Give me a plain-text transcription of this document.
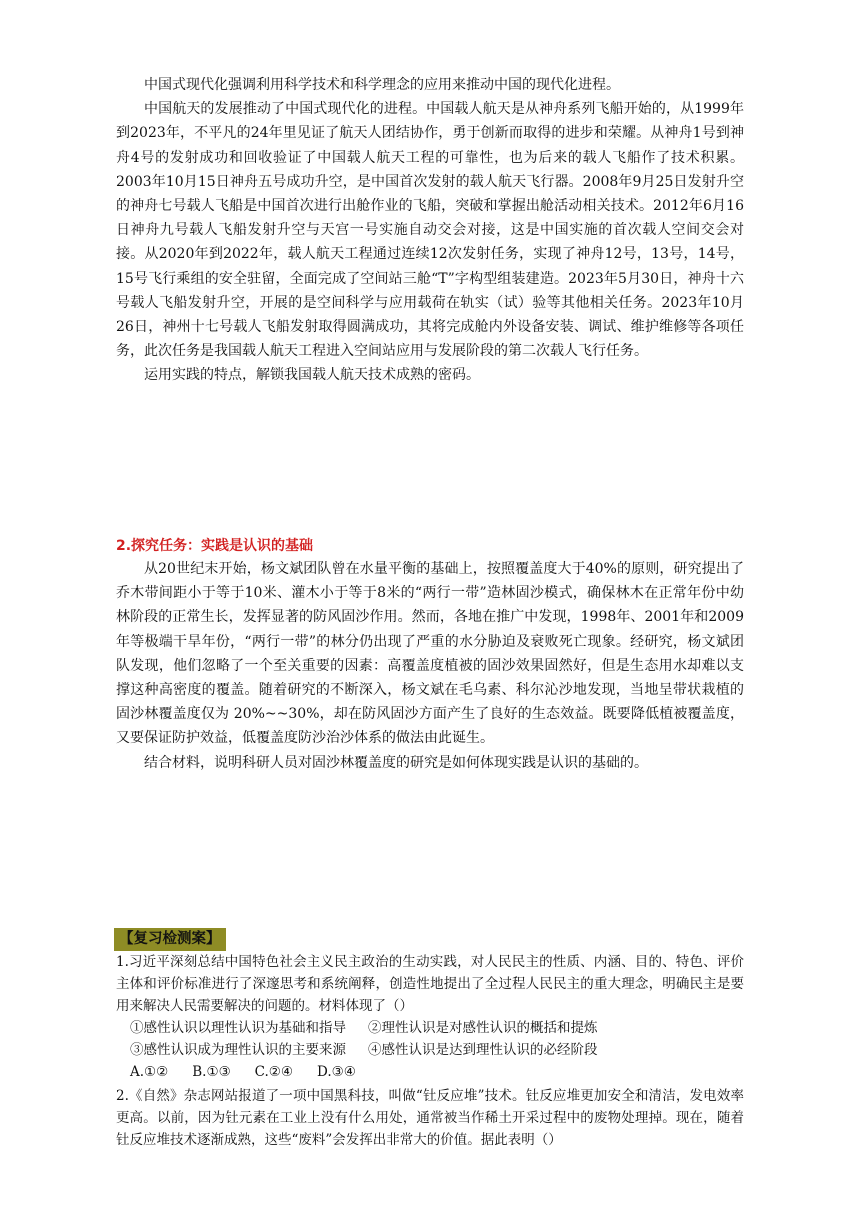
中国式现代化强调利用科学技术和科学理念的应用来推动中国的现代化进程。

中国航天的发展推动了中国式现代化的进程。中国载人航天是从神舟系列飞船开始的，从1999年到2023年，不平凡的24年里见证了航天人团结协作，勇于创新而取得的进步和荣耀。从神舟1号到神舟4号的发射成功和回收验证了中国载人航天工程的可靠性，也为后来的载人飞船作了技术积累。2003年10月15日神舟五号成功升空，是中国首次发射的载人航天飞行器。2008年9月25日发射升空的神舟七号载人飞船是中国首次进行出舱作业的飞船，突破和掌握出舱活动相关技术。2012年6月16日神舟九号载人飞船发射升空与天宫一号实施自动交会对接，这是中国实施的首次载人空间交会对接。从2020年到2022年，载人航天工程通过连续12次发射任务，实现了神舟12号，13号，14号，15号飞行乘组的安全驻留，全面完成了空间站三舱“T”字构型组装建造。2023年5月30日，神舟十六号载人飞船发射升空，开展的是空间科学与应用载荷在轨实（试）验等其他相关任务。2023年10月26日，神州十七号载人飞船发射取得圆满成功，其将完成舱内外设备安装、调试、维护维修等各项任务，此次任务是我国载人航天工程进入空间站应用与发展阶段的第二次载人飞行任务。

运用实践的特点，解锁我国载人航天技术成熟的密码。

2.探究任务：实践是认识的基础

从20世纪末开始，杨文斌团队曾在水量平衡的基础上，按照覆盖度大于40%的原则，研究提出了乔木带间距小于等于10米、灌木小于等于8米的“两行一带”造林固沙模式，确保林木在正常年份中幼林阶段的正常生长，发挥显著的防风固沙作用。然而，各地在推广中发现，1998年、2001年和2009年等极端干旱年份，“两行一带”的林分仍出现了严重的水分胁迫及衰败死亡现象。经研究，杨文斌团队发现，他们忽略了一个至关重要的因素：高覆盖度植被的固沙效果固然好，但是生态用水却难以支撑这种高密度的覆盖。随着研究的不断深入，杨文斌在毛乌素、科尔沁沙地发现，当地呈带状栽植的固沙林覆盖度仅为 20%~~30%，却在防风固沙方面产生了良好的生态效益。既要降低植被覆盖度，又要保证防护效益，低覆盖度防沙治沙体系的做法由此诞生。

结合材料，说明科研人员对固沙林覆盖度的研究是如何体现实践是认识的基础的。

【复习检测案】

1.习近平深刻总结中国特色社会主义民主政治的生动实践，对人民民主的性质、内涵、目的、特色、评价主体和评价标准进行了深邃思考和系统阐释，创造性地提出了全过程人民民主的重大理念，明确民主是要用来解决人民需要解决的问题的。材料体现了（）

①感性认识以理性认识为基础和指导	②理性认识是对感性认识的概括和提炼
③感性认识成为理性认识的主要来源	④感性认识是达到理性认识的必经阶段
A.①② B.①③ C.②④ D.③④

2.《自然》杂志网站报道了一项中国黑科技，叫做“钍反应堆”技术。钍反应堆更加安全和清洁，发电效率更高。以前，因为钍元素在工业上没有什么用处，通常被当作稀土开采过程中的废物处理掉。现在，随着钍反应堆技术逐渐成熟，这些“废料”会发挥出非常大的价值。据此表明（）
